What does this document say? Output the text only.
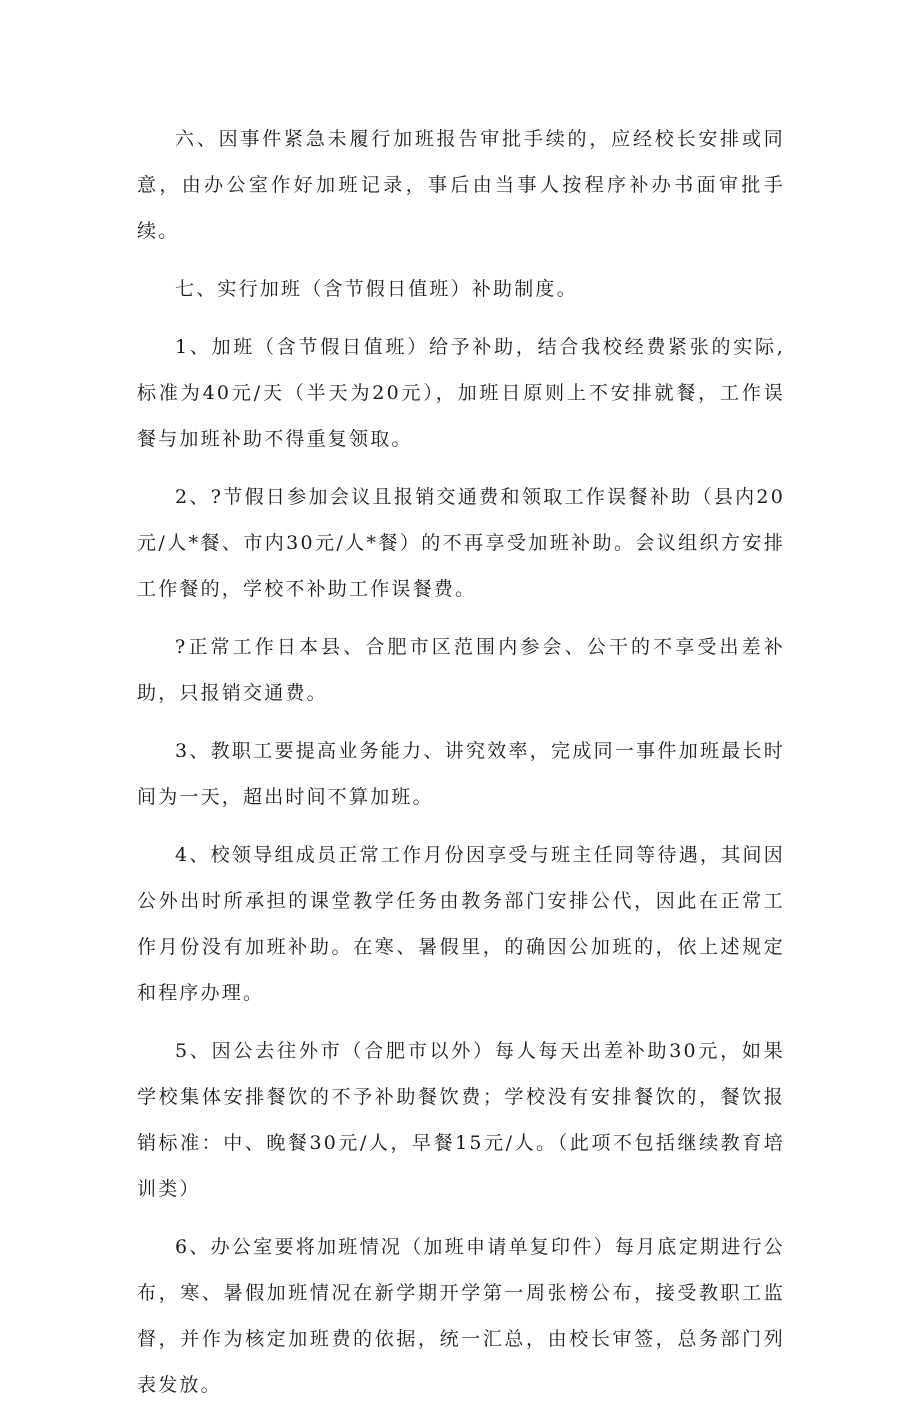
六、因事件紧急未履行加班报告审批手续的，应经校长安排或同意，由办公室作好加班记录，事后由当事人按程序补办书面审批手续。

七、实行加班（含节假日值班）补助制度。

1、加班（含节假日值班）给予补助，结合我校经费紧张的实际,标准为40元/天（半天为20元），加班日原则上不安排就餐，工作误餐与加班补助不得重复领取。

2、?节假日参加会议且报销交通费和领取工作误餐补助（县内20元/人*餐、市内30元/人*餐）的不再享受加班补助。会议组织方安排工作餐的，学校不补助工作误餐费。

?正常工作日本县、合肥市区范围内参会、公干的不享受出差补助，只报销交通费。

3、教职工要提高业务能力、讲究效率，完成同一事件加班最长时间为一天，超出时间不算加班。

4、校领导组成员正常工作月份因享受与班主任同等待遇，其间因公外出时所承担的课堂教学任务由教务部门安排公代，因此在正常工作月份没有加班补助。在寒、暑假里，的确因公加班的，依上述规定和程序办理。

5、因公去往外市（合肥市以外）每人每天出差补助30元，如果学校集体安排餐饮的不予补助餐饮费；学校没有安排餐饮的，餐饮报销标准：中、晚餐30元/人，早餐15元/人。（此项不包括继续教育培训类）

6、办公室要将加班情况（加班申请单复印件）每月底定期进行公布，寒、暑假加班情况在新学期开学第一周张榜公布，接受教职工监督，并作为核定加班费的依据，统一汇总，由校长审签，总务部门列表发放。
